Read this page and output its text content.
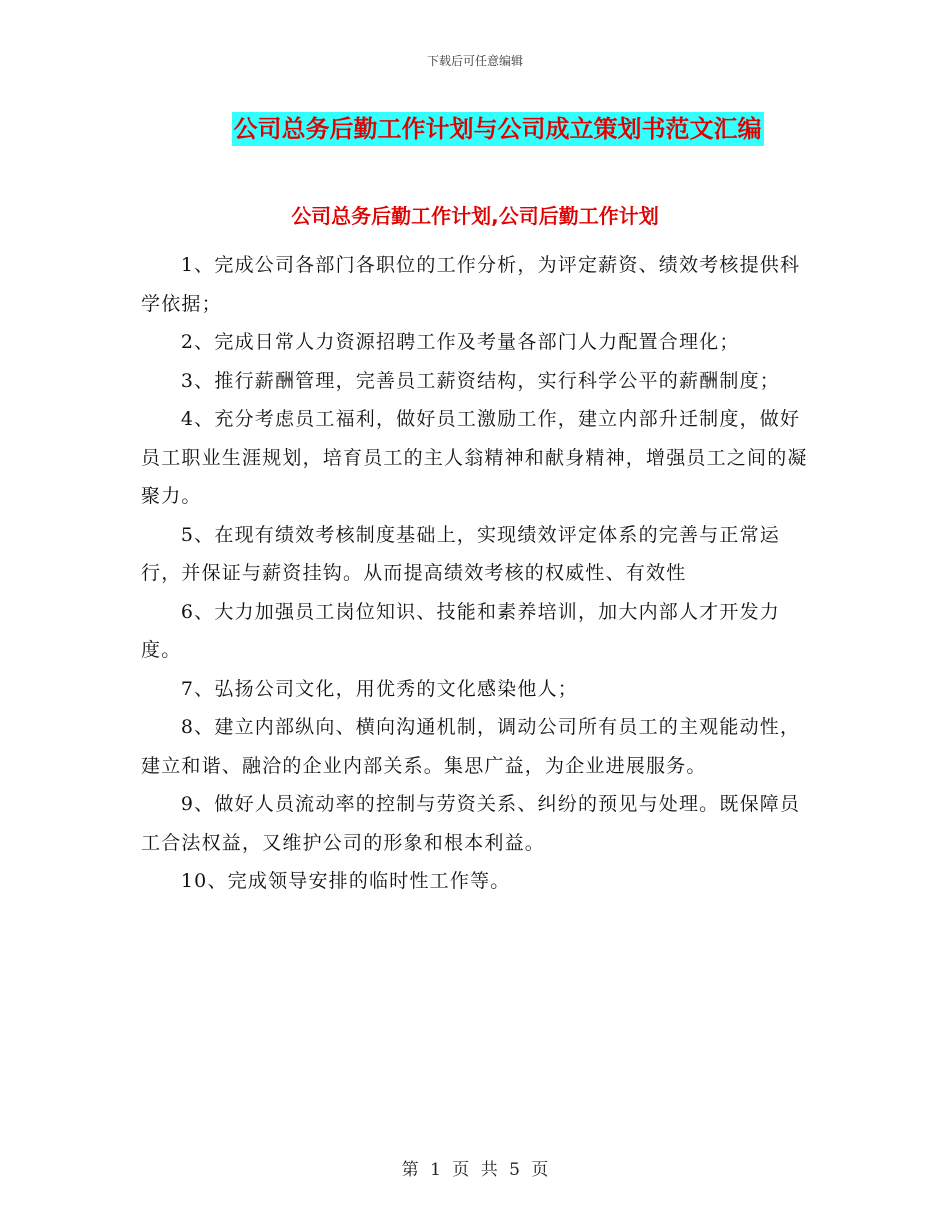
下载后可任意编辑
公司总务后勤工作计划与公司成立策划书范文汇编
公司总务后勤工作计划,公司后勤工作计划

1、完成公司各部门各职位的工作分析，为评定薪资、绩效考核提供科学依据；

2、完成日常人力资源招聘工作及考量各部门人力配置合理化；

3、推行薪酬管理，完善员工薪资结构，实行科学公平的薪酬制度；

4、充分考虑员工福利，做好员工激励工作，建立内部升迁制度，做好员工职业生涯规划，培育员工的主人翁精神和献身精神，增强员工之间的凝聚力。

5、在现有绩效考核制度基础上，实现绩效评定体系的完善与正常运行，并保证与薪资挂钩。从而提高绩效考核的权威性、有效性

6、大力加强员工岗位知识、技能和素养培训，加大内部人才开发力度。

7、弘扬公司文化，用优秀的文化感染他人；

8、建立内部纵向、横向沟通机制，调动公司所有员工的主观能动性，建立和谐、融洽的企业内部关系。集思广益，为企业进展服务。

9、做好人员流动率的控制与劳资关系、纠纷的预见与处理。既保障员工合法权益，又维护公司的形象和根本利益。

10、完成领导安排的临时性工作等。

第 1 页 共 5 页
